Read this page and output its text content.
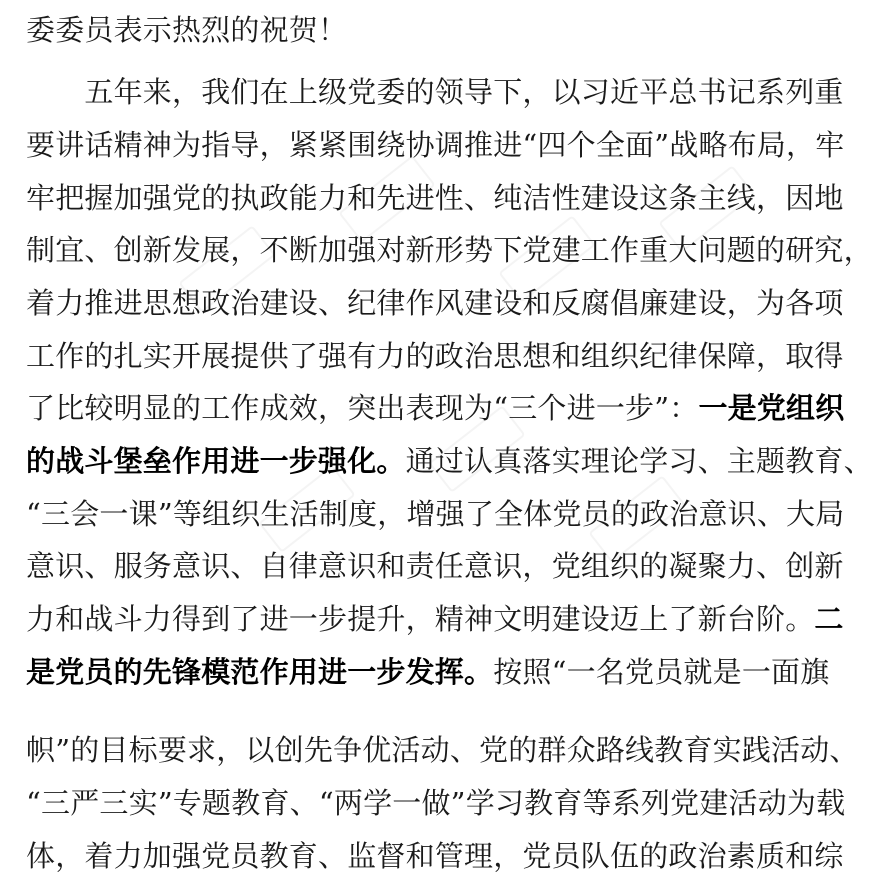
委委员表示热烈的祝贺！
　　五年来，我们在上级党委的领导下，以习近平总书记系列重
要讲话精神为指导，紧紧围绕协调推进“四个全面”战略布局，牢
牢把握加强党的执政能力和先进性、纯洁性建设这条主线，因地
制宜、创新发展，不断加强对新形势下党建工作重大问题的研究，
着力推进思想政治建设、纪律作风建设和反腐倡廉建设，为各项
工作的扎实开展提供了强有力的政治思想和组织纪律保障，取得
了比较明显的工作成效，突出表现为“三个进一步”：一是党组织
的战斗堡垒作用进一步强化。通过认真落实理论学习、主题教育、
“三会一课”等组织生活制度，增强了全体党员的政治意识、大局
意识、服务意识、自律意识和责任意识，党组织的凝聚力、创新
力和战斗力得到了进一步提升，精神文明建设迈上了新台阶。二
是党员的先锋模范作用进一步发挥。按照“一名党员就是一面旗
帜”的目标要求，以创先争优活动、党的群众路线教育实践活动、
“三严三实”专题教育、“两学一做”学习教育等系列党建活动为载
体，着力加强党员教育、监督和管理，党员队伍的政治素质和综
